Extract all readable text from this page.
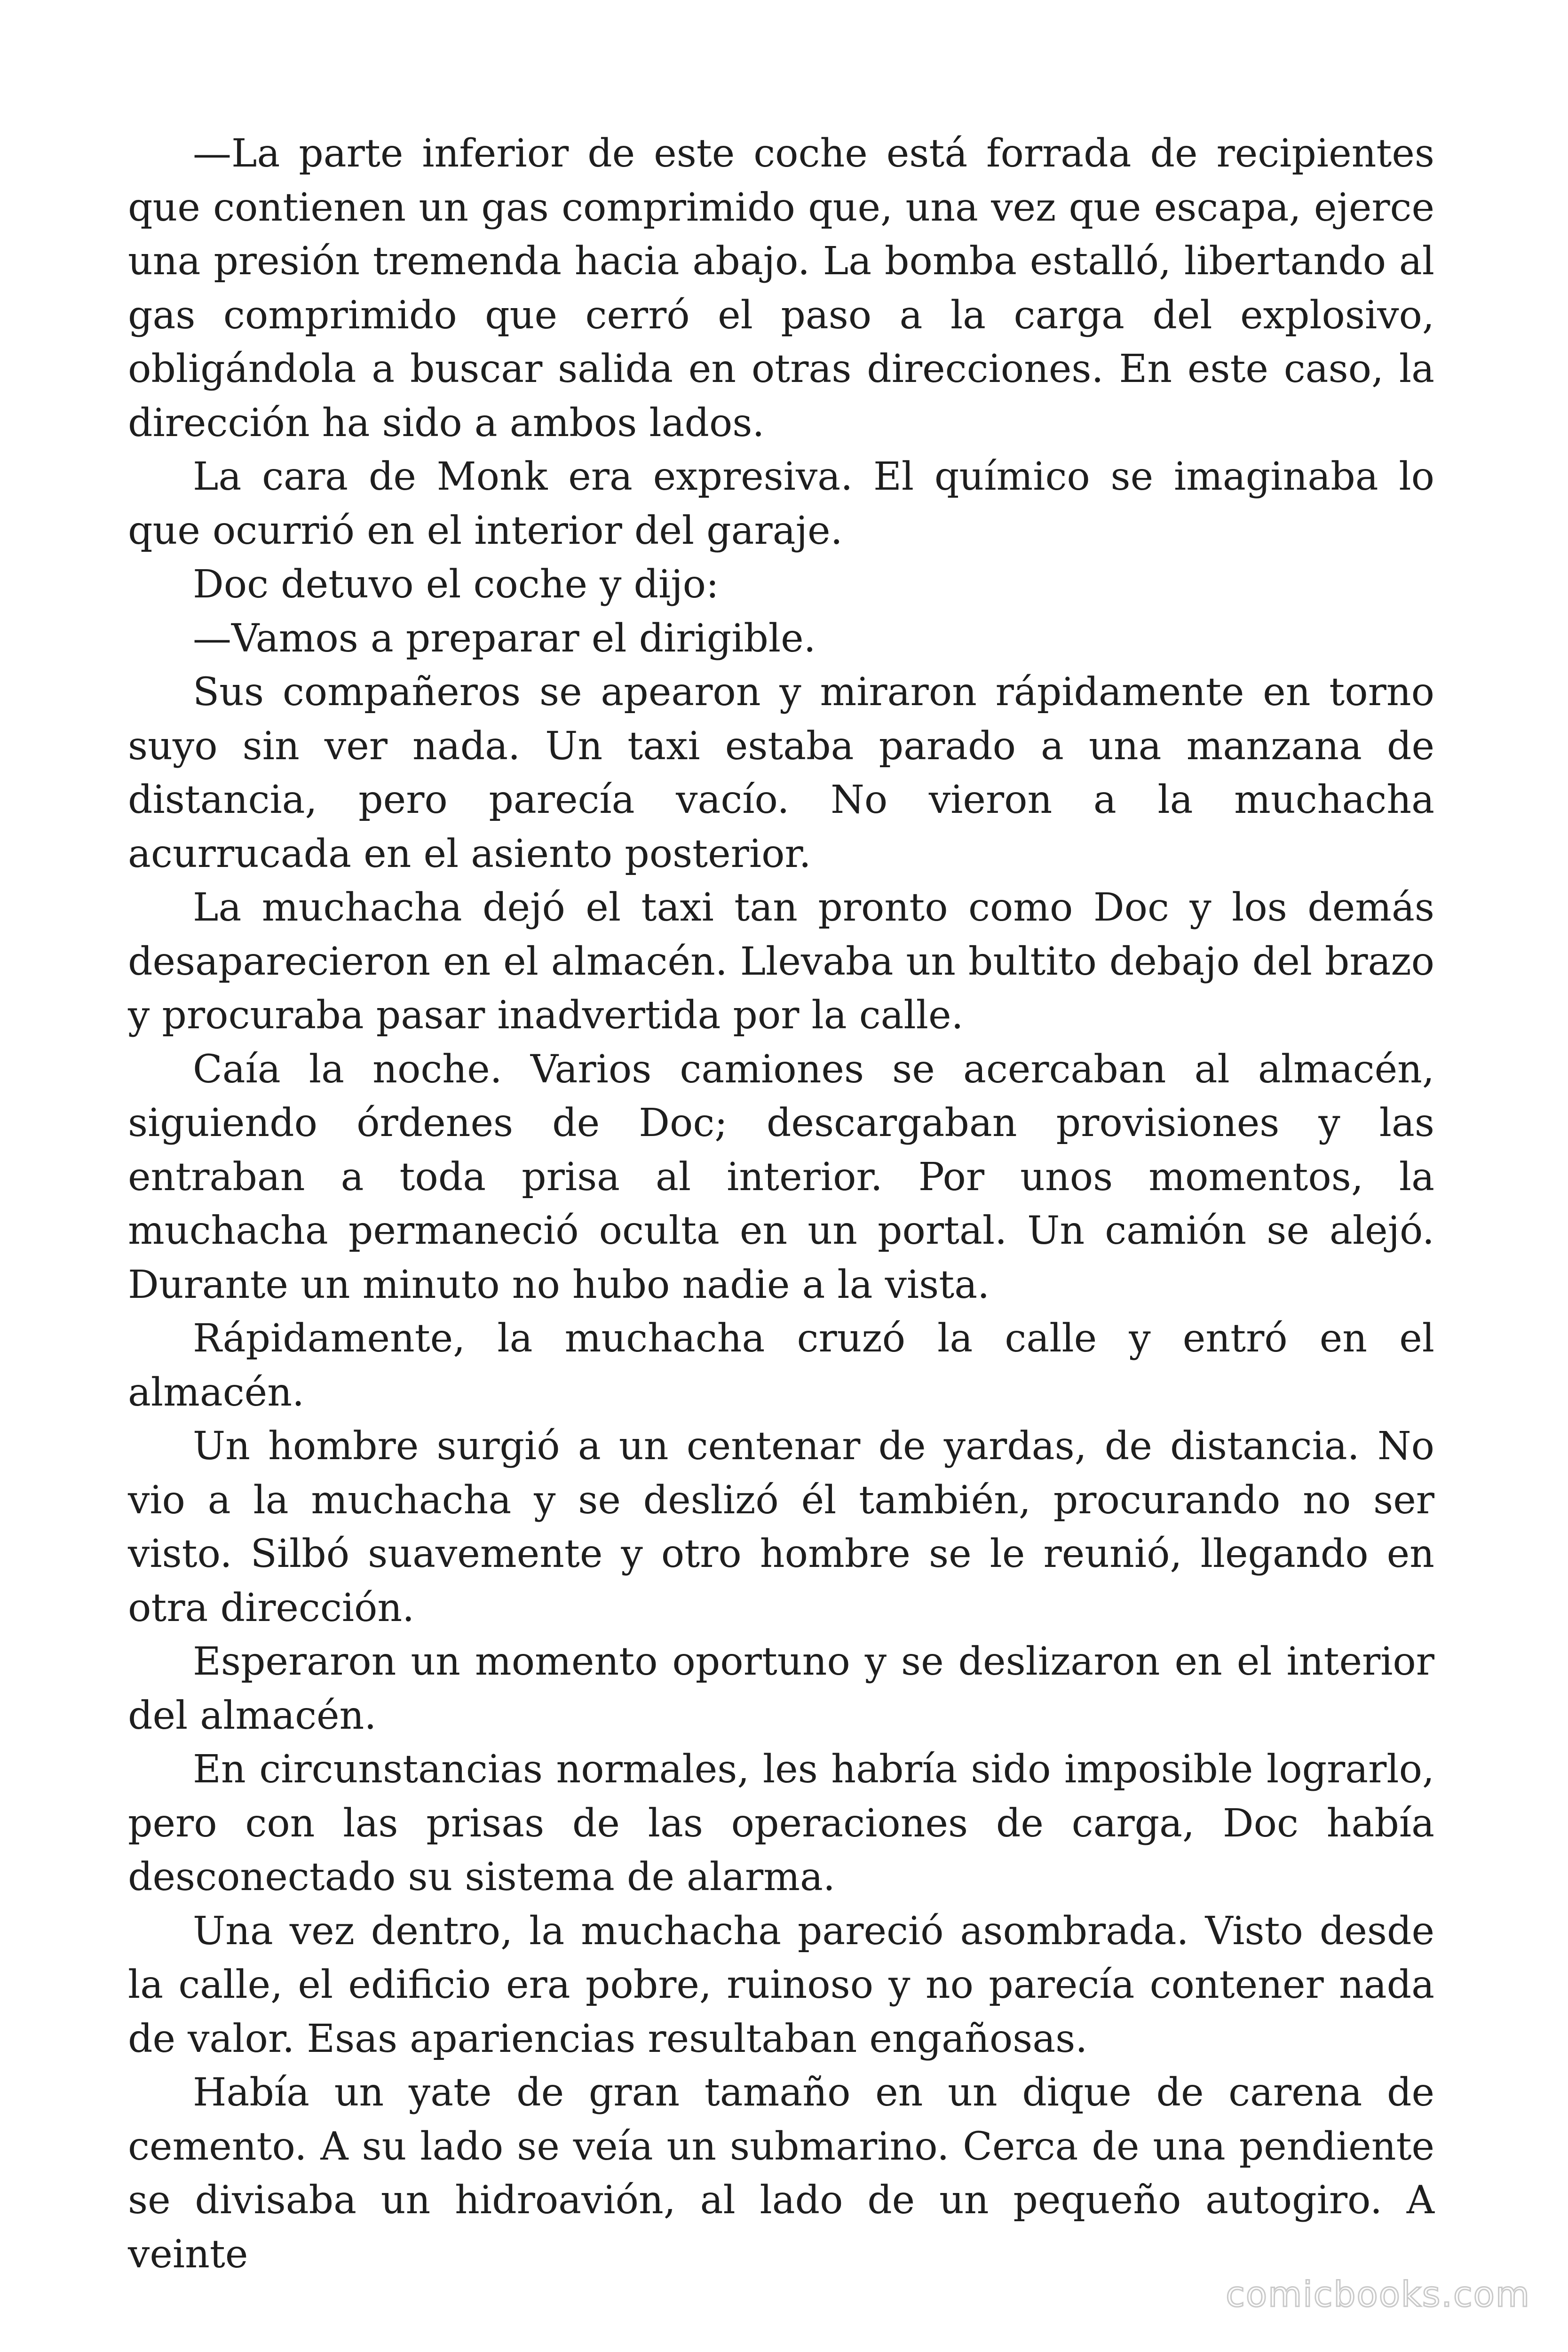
—La parte inferior de este coche está forrada de recipientes que contienen un gas comprimido que, una vez que escapa, ejerce una presión tremenda hacia abajo. La bomba estalló, libertando al gas comprimido que cerró el paso a la carga del explosivo, obligándola a buscar salida en otras direcciones. En este caso, la dirección ha sido a ambos lados.

La cara de Monk era expresiva. El químico se imaginaba lo que ocurrió en el interior del garaje.

Doc detuvo el coche y dijo:

—Vamos a preparar el dirigible.

Sus compañeros se apearon y miraron rápidamente en torno suyo sin ver nada. Un taxi estaba parado a una manzana de distancia, pero parecía vacío. No vieron a la muchacha acurrucada en el asiento posterior.

La muchacha dejó el taxi tan pronto como Doc y los demás desaparecieron en el almacén. Llevaba un bultito debajo del brazo y procuraba pasar inadvertida por la calle.

Caía la noche. Varios camiones se acercaban al almacén, siguiendo órdenes de Doc; descargaban provisiones y las entraban a toda prisa al interior. Por unos momentos, la muchacha permaneció oculta en un portal. Un camión se alejó. Durante un minuto no hubo nadie a la vista.

Rápidamente, la muchacha cruzó la calle y entró en el almacén.

Un hombre surgió a un centenar de yardas, de distancia. No vio a la muchacha y se deslizó él también, procurando no ser visto. Silbó suavemente y otro hombre se le reunió, llegando en otra dirección.

Esperaron un momento oportuno y se deslizaron en el interior del almacén.

En circunstancias normales, les habría sido imposible lograrlo, pero con las prisas de las operaciones de carga, Doc había desconectado su sistema de alarma.

Una vez dentro, la muchacha pareció asombrada. Visto desde la calle, el edificio era pobre, ruinoso y no parecía contener nada de valor. Esas apariencias resultaban engañosas.

Había un yate de gran tamaño en un dique de carena de cemento. A su lado se veía un submarino. Cerca de una pendiente se divisaba un hidroavión, al lado de un pequeño autogiro. A veinte

comicbooks.com
